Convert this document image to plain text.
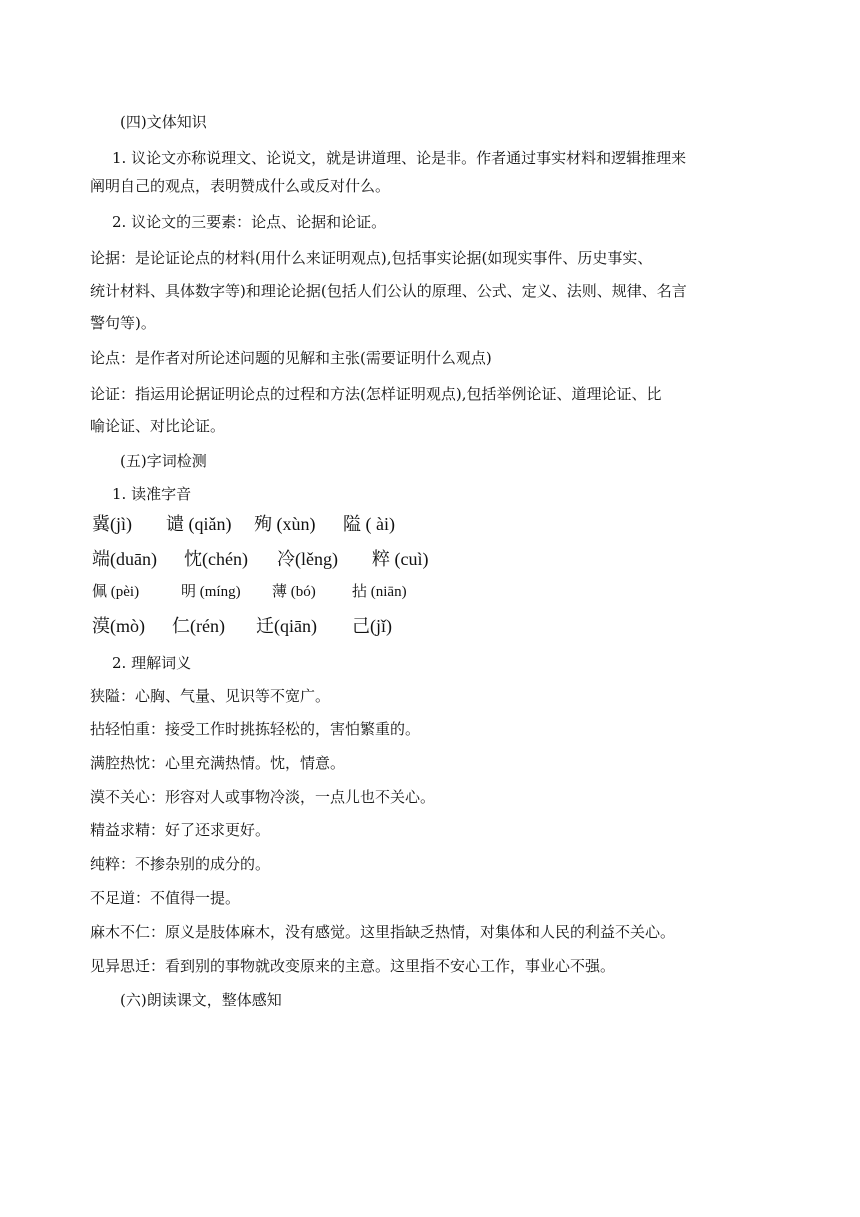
(四)文体知识
1. 议论文亦称说理文、论说文，就是讲道理、论是非。作者通过事实材料和逻辑推理来
阐明自己的观点，表明赞成什么或反对什么。
2. 议论文的三要素：论点、论据和论证。
论据：是论证论点的材料(用什么来证明观点),包括事实论据(如现实事件、历史事实、
统计材料、具体数字等)和理论论据(包括人们公认的原理、公式、定义、法则、规律、名言
警句等)。
论点：是作者对所论述问题的见解和主张(需要证明什么观点)
论证：指运用论据证明论点的过程和方法(怎样证明观点),包括举例论证、道理论证、比
喻论证、对比论证。
(五)字词检测
1. 读准字音
冀(jì) 谴 (qiǎn) 殉 (xùn) 隘 ( ài)
端(duān) 忱(chén) 冷(lěng) 粹 (cuì)
佩 (pèi)	明 (míng) 薄 (bó) 拈 (niān)
漠(mò) 仁(rén) 迁(qiān) 己(jǐ)
2. 理解词义
狭隘：心胸、气量、见识等不宽广。
拈轻怕重：接受工作时挑拣轻松的，害怕繁重的。
满腔热忱：心里充满热情。忱，情意。
漠不关心：形容对人或事物冷淡，一点儿也不关心。
精益求精：好了还求更好。
纯粹：不掺杂别的成分的。
不足道：不值得一提。
麻木不仁：原义是肢体麻木，没有感觉。这里指缺乏热情，对集体和人民的利益不关心。
见异思迁：看到别的事物就改变原来的主意。这里指不安心工作，事业心不强。
(六)朗读课文，整体感知
